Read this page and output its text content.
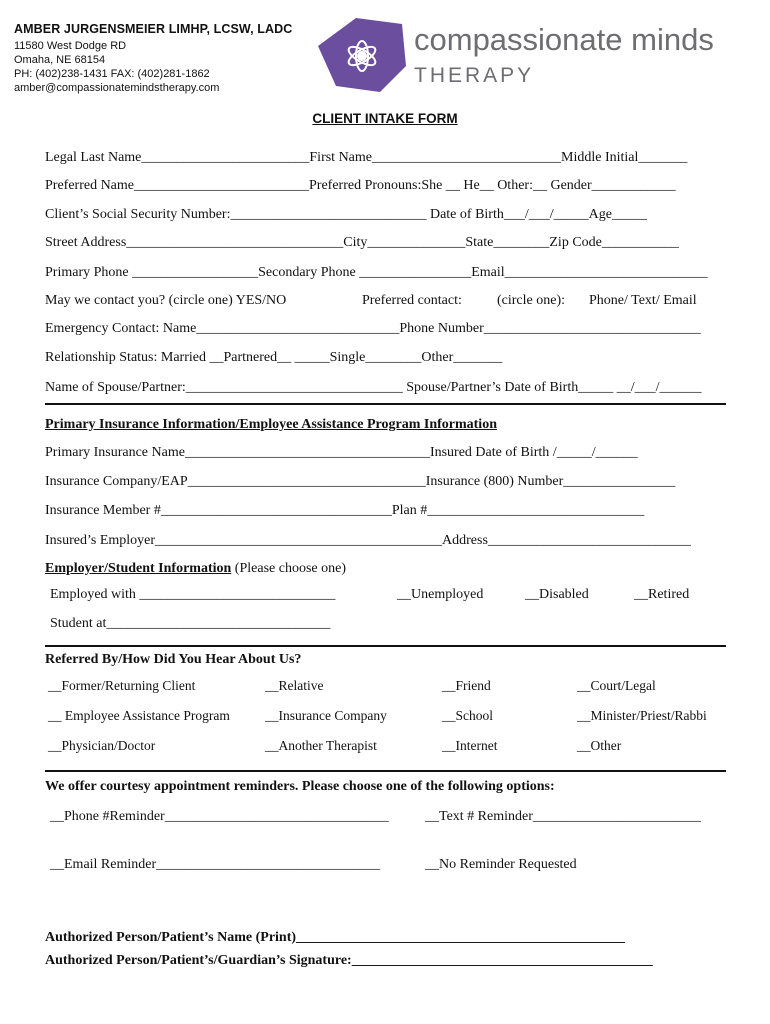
AMBER JURGENSMEIER LIMHP, LCSW, LADC
11580 West Dodge RD
Omaha, NE 68154
PH: (402)238-1431 FAX: (402)281-1862
amber@compassionatemindstherapy.com
compassionate minds
THERAPY
CLIENT INTAKE FORM
Legal Last Name________________________First Name___________________________Middle Initial_______
Preferred Name_________________________Preferred Pronouns:She __ He__ Other:__ Gender____________
Client’s Social Security Number:____________________________ Date of Birth___/___/_____Age_____
Street Address_______________________________City______________State________Zip Code___________
Primary Phone __________________Secondary Phone ________________Email_____________________________
May we contact you? (circle one) YES/NO	Preferred contact:	(circle one): Phone/ Text/ Email
Emergency Contact: Name_____________________________Phone Number_______________________________
Relationship Status: Married __Partnered__ _____Single________Other_______
Name of Spouse/Partner:_______________________________ Spouse/Partner’s Date of Birth_____ __/___/______
Primary Insurance Information/Employee Assistance Program Information
Primary Insurance Name___________________________________Insured Date of Birth /_____/______
Insurance Company/EAP__________________________________Insurance (800) Number________________
Insurance Member #_________________________________Plan #_______________________________
Insured’s Employer_________________________________________Address_____________________________
Employer/Student Information (Please choose one)
Employed with ____________________________	__Unemployed	__Disabled	__Retired
Student at________________________________
Referred By/How Did You Hear About Us?
__Former/Returning Client	__Relative	__Friend	__Court/Legal
__ Employee Assistance Program	__Insurance Company	__School	__Minister/Priest/Rabbi
__Physician/Doctor	__Another Therapist	__Internet	__Other
We offer courtesy appointment reminders. Please choose one of the following options:
__Phone #Reminder________________________________	__Text # Reminder________________________
__Email Reminder________________________________	__No Reminder Requested
Authorized Person/Patient’s Name (Print)_______________________________________________
Authorized Person/Patient’s/Guardian’s Signature:___________________________________________
